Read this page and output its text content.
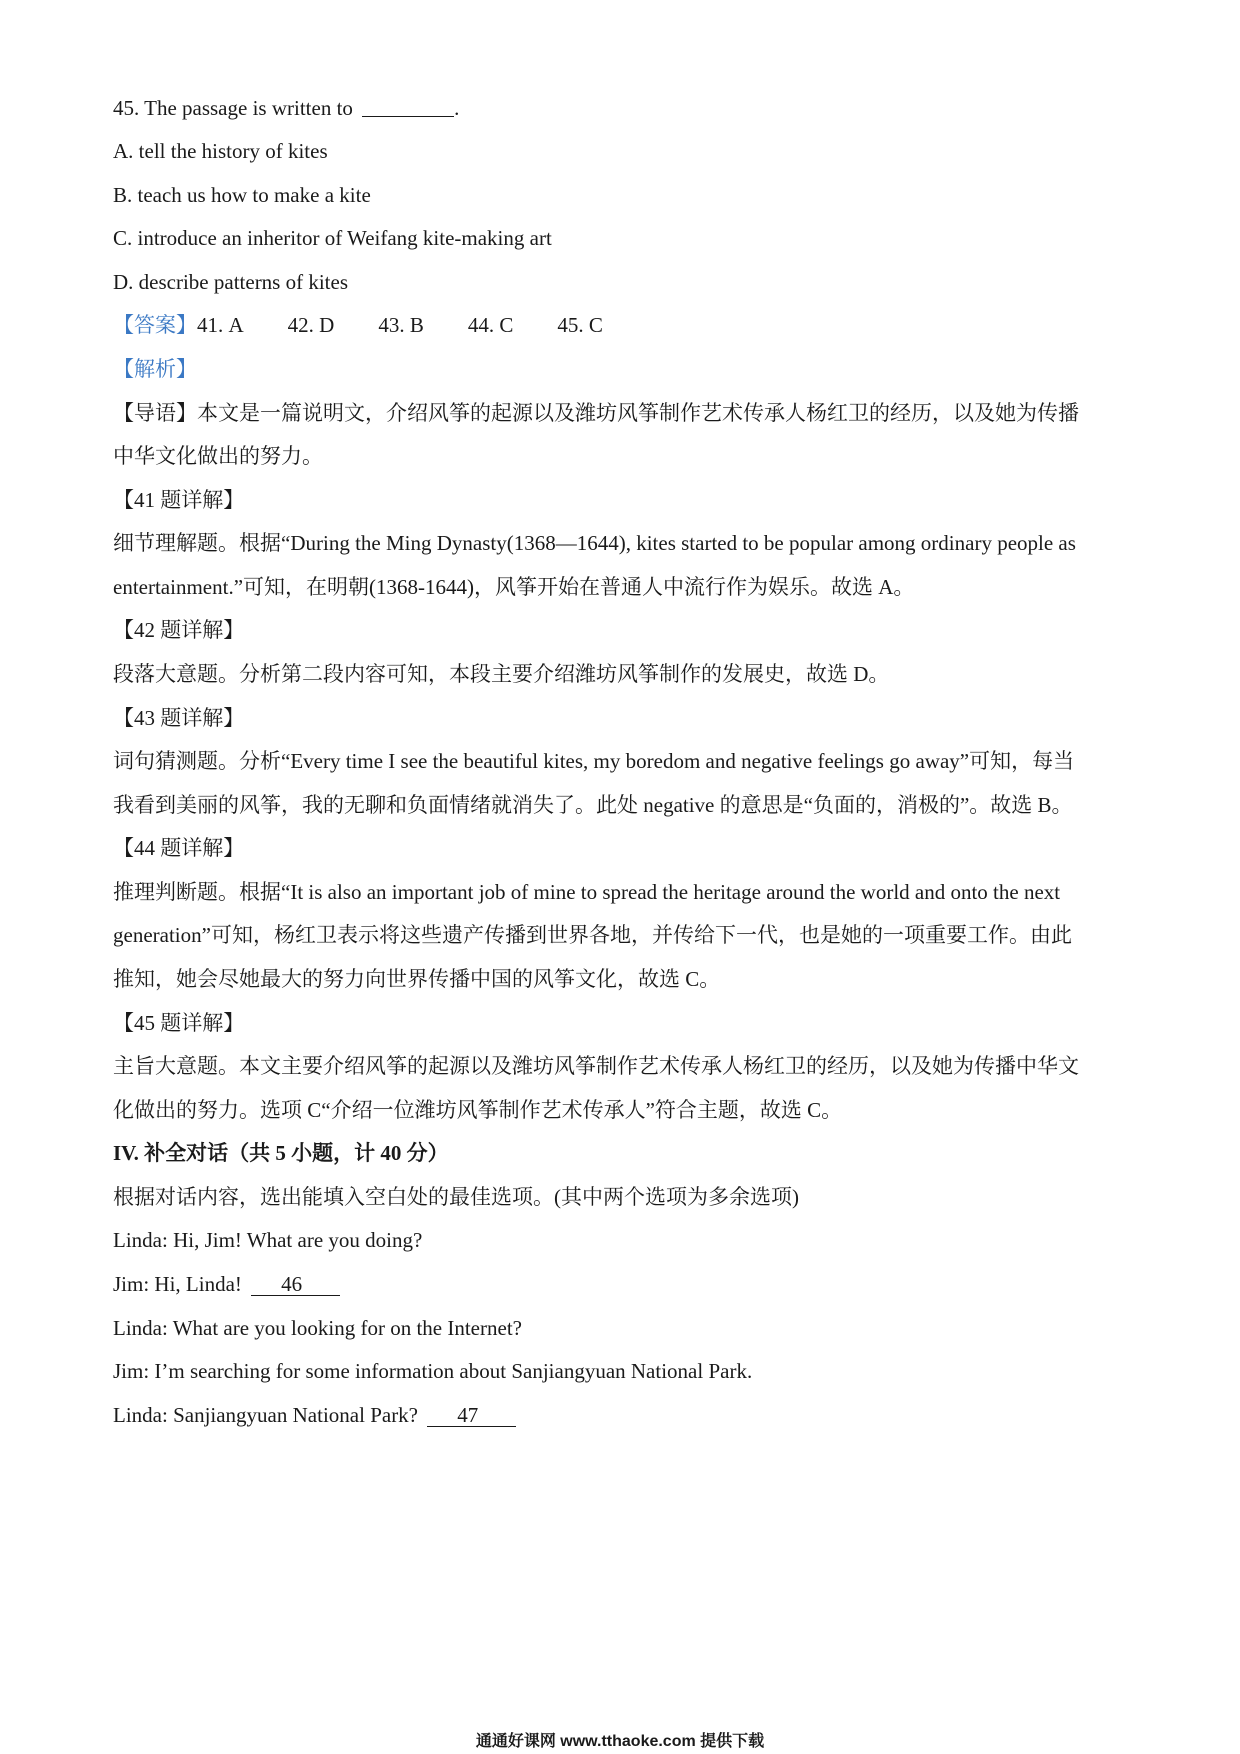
45. The passage is written to	.
A. tell the history of kites
B. teach us how to make a kite
C. introduce an inheritor of Weifang kite-making art
D. describe patterns of kites
【答案】41. A 42. D 43. B 44. C 45. C
【解析】
【导语】本文是一篇说明文，介绍风筝的起源以及潍坊风筝制作艺术传承人杨红卫的经历，以及她为传播
中华文化做出的努力。
【41 题详解】
细节理解题。根据“During the Ming Dynasty(1368—1644), kites started to be popular among ordinary people as
entertainment.”可知，在明朝(1368-1644)，风筝开始在普通人中流行作为娱乐。故选 A。
【42 题详解】
段落大意题。分析第二段内容可知，本段主要介绍潍坊风筝制作的发展史，故选 D。
【43 题详解】
词句猜测题。分析“Every time I see the beautiful kites, my boredom and negative feelings go away”可知，每当
我看到美丽的风筝，我的无聊和负面情绪就消失了。此处 negative 的意思是“负面的，消极的”。故选 B。
【44 题详解】
推理判断题。根据“It is also an important job of mine to spread the heritage around the world and onto the next
generation”可知，杨红卫表示将这些遗产传播到世界各地，并传给下一代，也是她的一项重要工作。由此
推知，她会尽她最大的努力向世界传播中国的风筝文化，故选 C。
【45 题详解】
主旨大意题。本文主要介绍风筝的起源以及潍坊风筝制作艺术传承人杨红卫的经历，以及她为传播中华文
化做出的努力。选项 C“介绍一位潍坊风筝制作艺术传承人”符合主题，故选 C。
IV. 补全对话（共 5 小题，计 40 分）
根据对话内容，选出能填入空白处的最佳选项。(其中两个选项为多余选项)
Linda: Hi, Jim! What are you doing?
Jim: Hi, Linda! 46
Linda: What are you looking for on the Internet?
Jim: I’m searching for some information about Sanjiangyuan National Park.
Linda: Sanjiangyuan National Park? 47
通通好课网 www.tthaoke.com 提供下载
